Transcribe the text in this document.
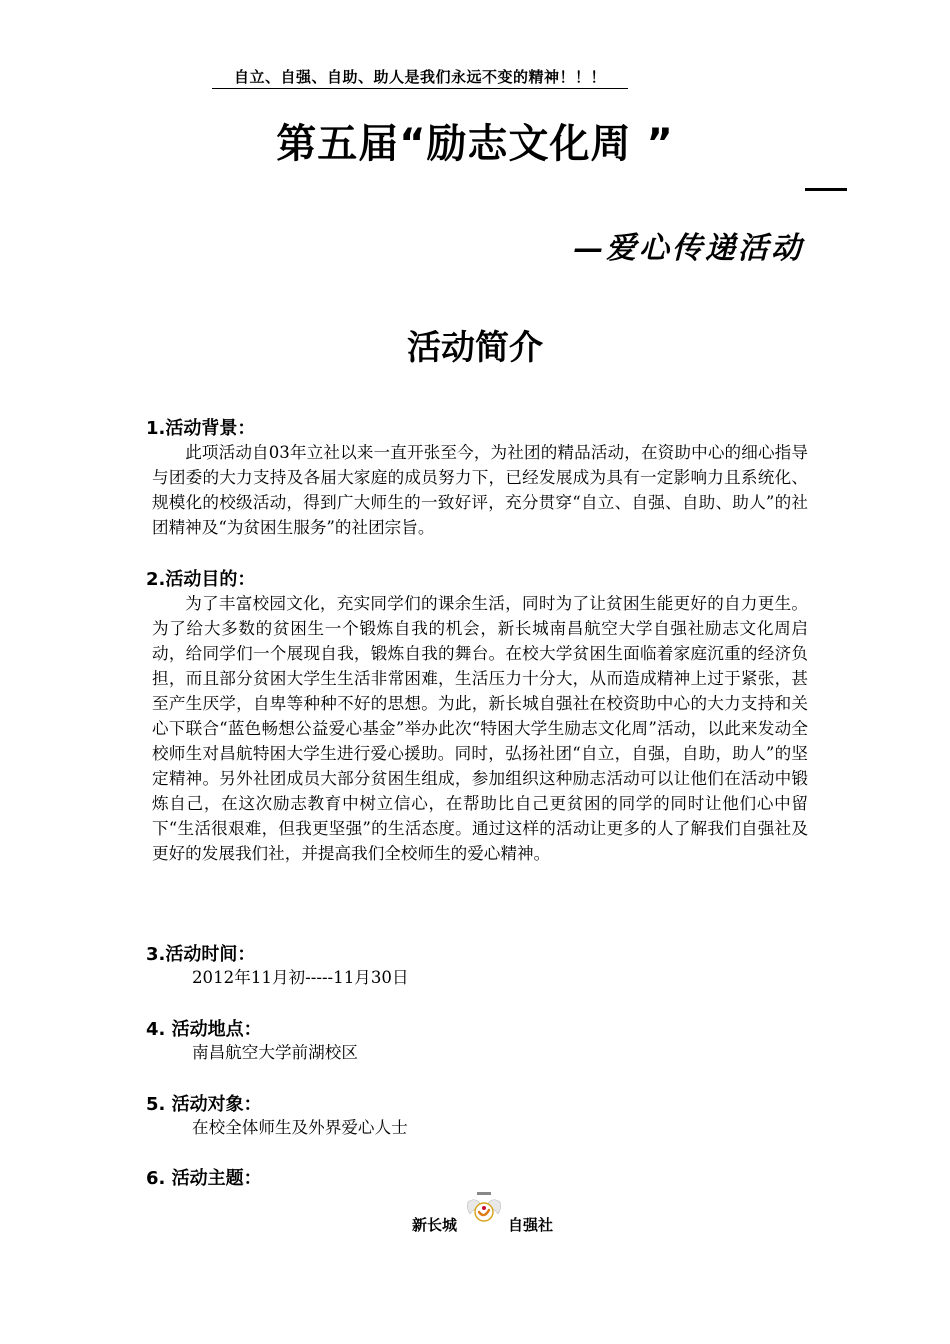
自立、自强、自助、助人是我们永远不变的精神！！！
第五届“励志文化周 ”
—爱心传递活动
活动简介
1.活动背景：

此项活动自03年立社以来一直开张至今，为社团的精品活动，在资助中心的细心指导与团委的大力支持及各届大家庭的成员努力下，已经发展成为具有一定影响力且系统化、规模化的校级活动，得到广大师生的一致好评，充分贯穿“自立、自强、自助、助人”的社团精神及“为贫困生服务”的社团宗旨。

2.活动目的：

为了丰富校园文化，充实同学们的课余生活，同时为了让贫困生能更好的自力更生。为了给大多数的贫困生一个锻炼自我的机会，新长城南昌航空大学自强社励志文化周启动，给同学们一个展现自我，锻炼自我的舞台。在校大学贫困生面临着家庭沉重的经济负担，而且部分贫困大学生生活非常困难，生活压力十分大，从而造成精神上过于紧张，甚至产生厌学，自卑等种种不好的思想。为此，新长城自强社在校资助中心的大力支持和关心下联合“蓝色畅想公益爱心基金”举办此次“特困大学生励志文化周”活动，以此来发动全校师生对昌航特困大学生进行爱心援助。同时，弘扬社团“自立，自强，自助，助人”的坚定精神。另外社团成员大部分贫困生组成，参加组织这种励志活动可以让他们在活动中锻炼自己，在这次励志教育中树立信心，在帮助比自己更贫困的同学的同时让他们心中留下“生活很艰难，但我更坚强”的生活态度。通过这样的活动让更多的人了解我们自强社及更好的发展我们社，并提高我们全校师生的爱心精神。

3.活动时间：
2012年11月初-----11月30日
4. 活动地点：
南昌航空大学前湖校区
5. 活动对象：
在校全体师生及外界爱心人士
6. 活动主题：
新长城	自强社
